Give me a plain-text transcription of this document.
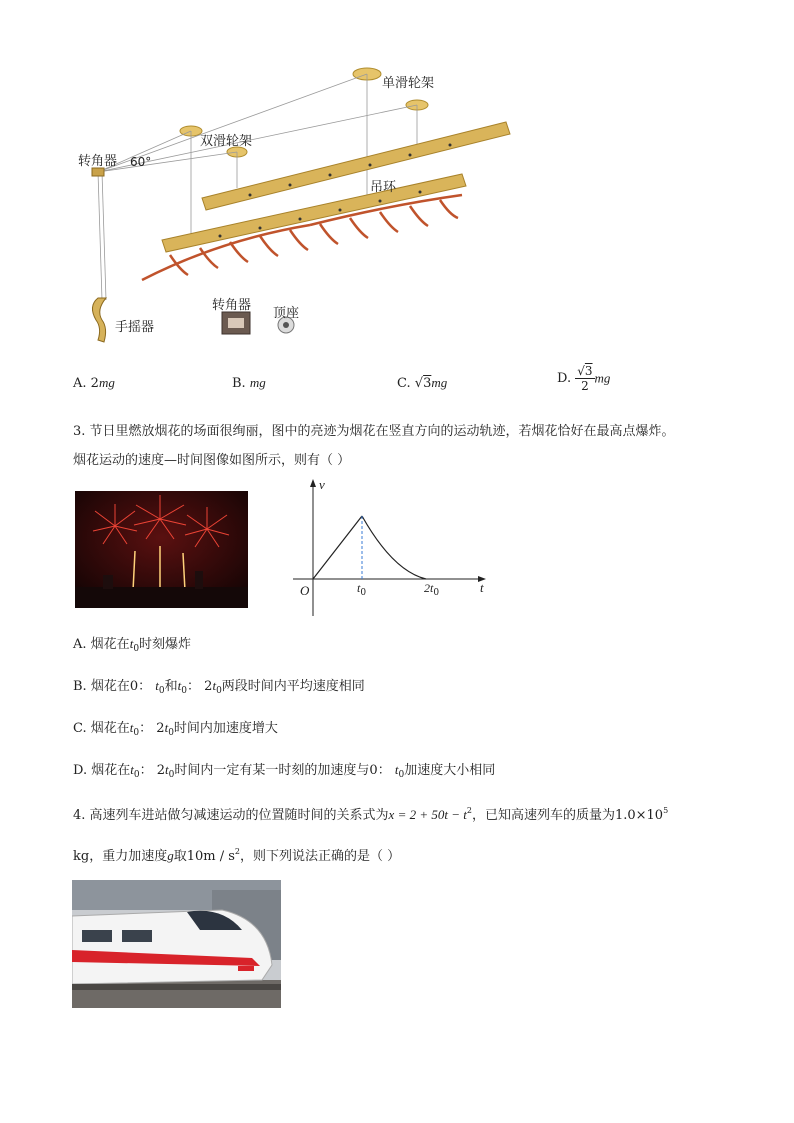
单滑轮架
双滑轮架
转角器 60°
吊环
转角器
顶座
手摇器
A. 2mg	B. mg	C. √3mg	D. $\frac{√3}{2}$ mg
3. 节日里燃放烟花的场面很绚丽，图中的亮迹为烟花在竖直方向的运动轨迹，若烟花恰好在最高点爆炸。
烟花运动的速度—时间图像如图所示，则有（ ）
v
t
O	$t_0$	$2t_0$
A. 烟花在$t_0$时刻爆炸
B. 烟花在0： $t_0$和$t_0$： $2t_0$两段时间内平均速度相同
C. 烟花在$t_0$： $2t_0$时间内加速度增大
D. 烟花在$t_0$： $2t_0$时间内一定有某一时刻的加速度与0： $t_0$加速度大小相同
4. 高速列车进站做匀减速运动的位置随时间的关系式为$x = 2 + 50t - t^2$，已知高速列车的质量为$1.0\times 10^5$
kg，重力加速度g取$10m / s^2$，则下列说法正确的是（ ）
